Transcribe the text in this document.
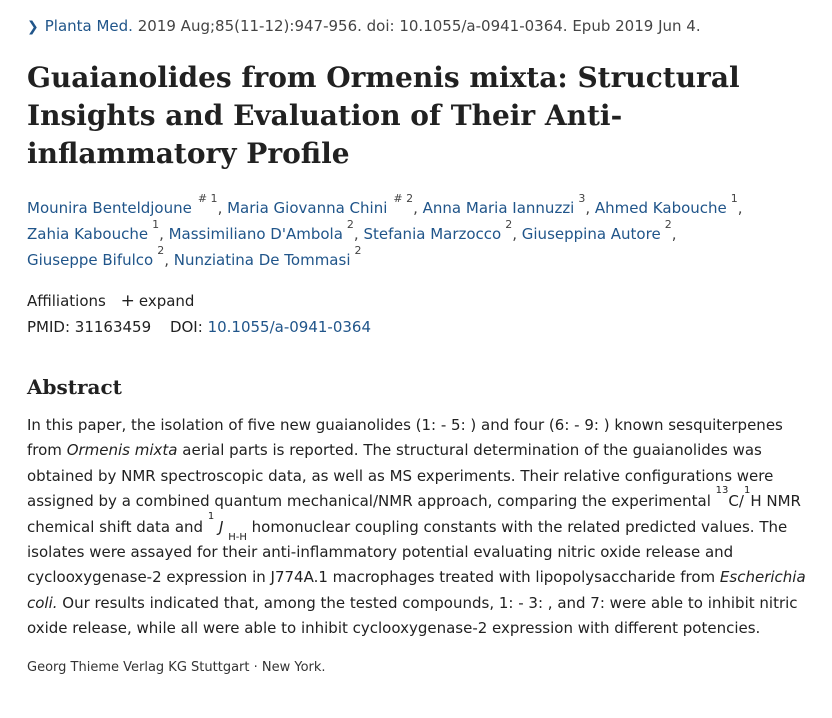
❯ Planta Med. 2019 Aug;85(11-12):947-956. doi: 10.1055/a-0941-0364. Epub 2019 Jun 4.
Guaianolides from Ormenis mixta: Structural Insights and Evaluation of Their Anti-inflammatory Profile
Mounira Benteldjoune$^{\# 1}$, Maria Giovanna Chini$^{\# 2}$, Anna Maria Iannuzzi$^3$, Ahmed Kabouche$^1$,
Zahia Kabouche$^1$, Massimiliano D'Ambola$^2$, Stefania Marzocco$^2$, Giuseppina Autore$^2$,
Giuseppe Bifulco$^2$, Nunziatina De Tommasi$^2$
Affiliations + expand
PMID: 31163459 DOI: 10.1055/a-0941-0364
Abstract
In this paper, the isolation of five new guaianolides (1: - 5: ) and four (6: - 9: ) known sesquiterpenes from Ormenis mixta aerial parts is reported. The structural determination of the guaianolides was obtained by NMR spectroscopic data, as well as MS experiments. Their relative configurations were assigned by a combined quantum mechanical/NMR approach, comparing the experimental $^{13}$C/$^1$H NMR chemical shift data and $^1$ J $_{H-H}$ homonuclear coupling constants with the related predicted values. The isolates were assayed for their anti-inflammatory potential evaluating nitric oxide release and cyclooxygenase-2 expression in J774A.1 macrophages treated with lipopolysaccharide from Escherichia coli. Our results indicated that, among the tested compounds, 1: - 3: , and 7: were able to inhibit nitric oxide release, while all were able to inhibit cyclooxygenase-2 expression with different potencies.
Georg Thieme Verlag KG Stuttgart · New York.
